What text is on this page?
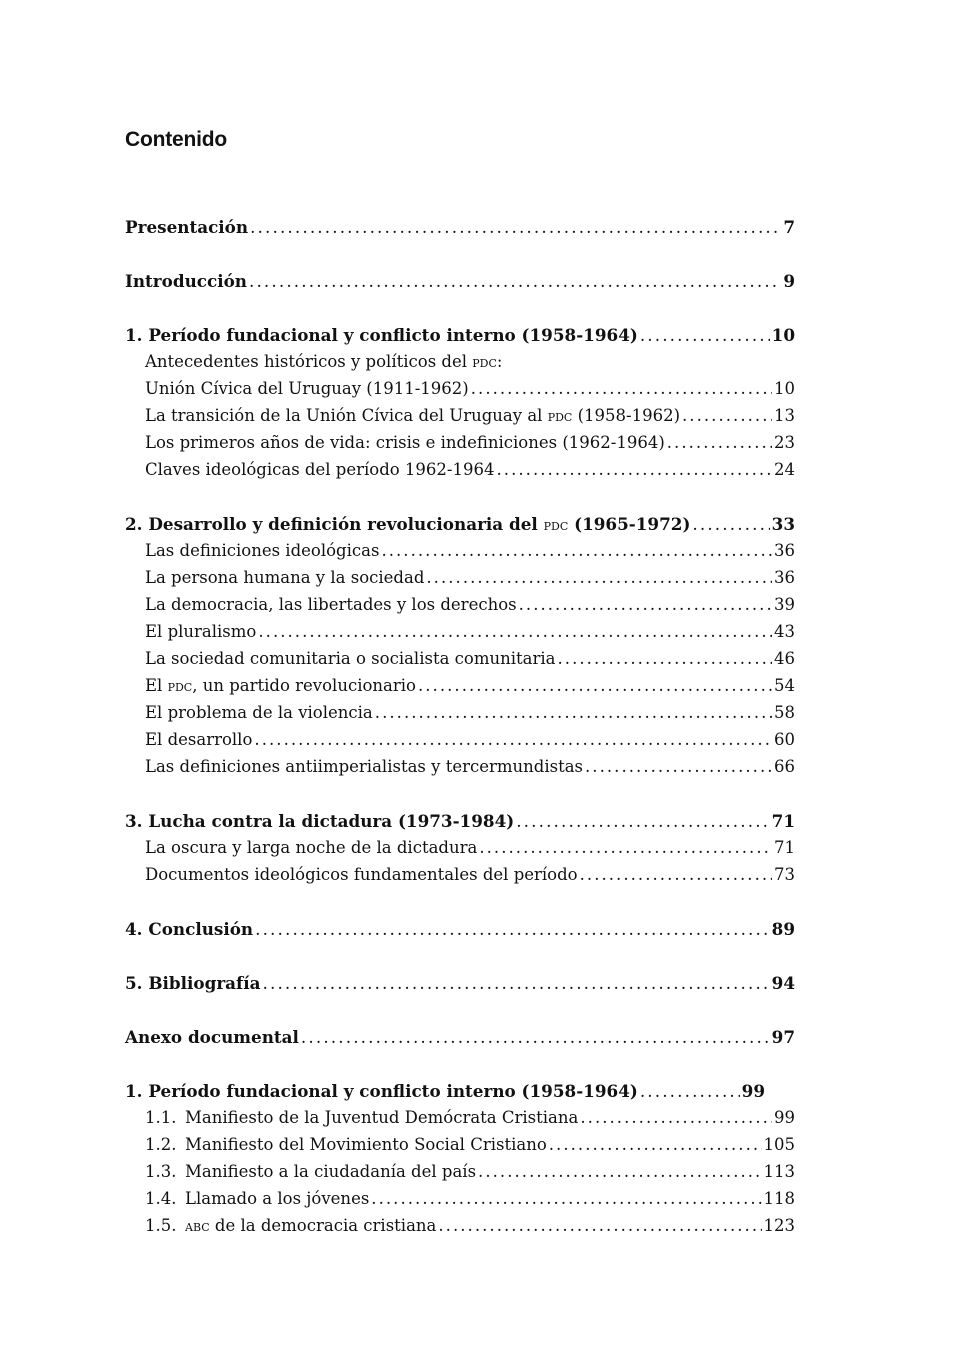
Contenido
Presentación . . .	7
Introducción . . .	9
1. Período fundacional y conflicto interno (1958-1964) . . .	10
Antecedentes históricos y políticos del pdc:
Unión Cívica del Uruguay (1911-1962) . . .	10
La transición de la Unión Cívica del Uruguay al pdc (1958-1962) . . .	13
Los primeros años de vida: crisis e indefiniciones (1962-1964) . . .	23
Claves ideológicas del período 1962-1964 . . .	24
2. Desarrollo y definición revolucionaria del pdc (1965-1972) . . .	33
Las definiciones ideológicas . . .	36
La persona humana y la sociedad . . .	36
La democracia, las libertades y los derechos . . .	39
El pluralismo . . .	43
La sociedad comunitaria o socialista comunitaria . . .	46
El pdc, un partido revolucionario . . .	54
El problema de la violencia . . .	58
El desarrollo . . .	60
Las definiciones antiimperialistas y tercermundistas . . .	66
3. Lucha contra la dictadura (1973-1984) . . .	71
La oscura y larga noche de la dictadura . . .	71
Documentos ideológicos fundamentales del período . . .	73
4. Conclusión . . .	89
5. Bibliografía . . .	94
Anexo documental . . .	97
1. Período fundacional y conflicto interno (1958-1964) . . .	99
1.1. Manifiesto de la Juventud Demócrata Cristiana . . .	99
1.2. Manifiesto del Movimiento Social Cristiano . . .	105
1.3. Manifiesto a la ciudadanía del país . . .	113
1.4. Llamado a los jóvenes . . .	118
1.5. abc de la democracia cristiana . . .	123
